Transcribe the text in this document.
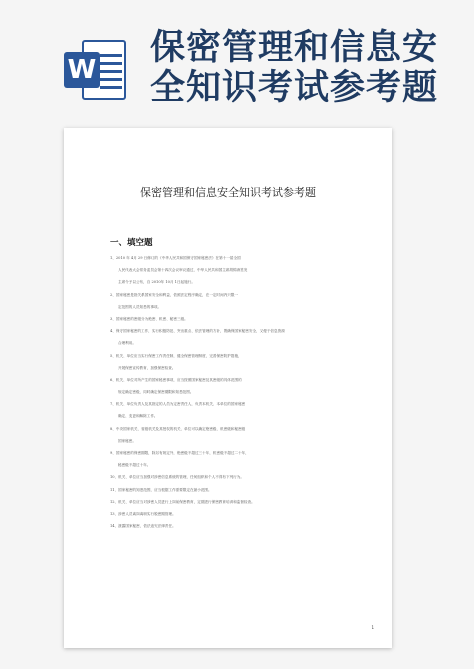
W
保密管理和信息安
全知识考试参考题
保密管理和信息安全知识考试参考题
一、填空题
1、2010 年 4月 29 日修订的《中华人民共和国保守国家秘密法》在第十一届全国
人民代表大会常务委员会第十四次会议审议通过，中华人民共和国主席胡锦涛签发
主席令予以公布，自 2010年 10月 1日起施行。
2、国家秘密是指关系国家安全和利益，依照法定程序确定，在一定时间内只限一
定范围的人员知悉的事项。
3、国家秘密的密级分为绝密、机密、秘密三级。
4、保守国家秘密的工作，实行积极防范、突出重点、依法管理的方针，既确保国家秘密安全，又便于信息资源
合理利用。
5、机关、单位应当实行保密工作责任制，健全保密管理制度，完善保密防护措施，
开展保密宣传教育，加强保密检查。
6、机关、单位对所产生的国家秘密事项，应当按照国家秘密及其密级的具体范围的
规定确定密级，同时确定保密期限和知悉范围。
7、机关、单位负责人及其指定的人员为定密责任人，负责本机关、本单位的国家秘密
确定、变更和解除工作。
8、中央国家机关、省级机关及其授权的机关、单位可以确定绝密级、机密级和秘密级
国家秘密。
9、国家秘密的保密期限，除另有规定外，绝密级不超过三十年，机密级不超过二十年，
秘密级不超过十年。
10、机关、单位应当加强对涉密信息系统的管理，任何组织和个人不得有下列行为。
11、国家秘密的知悉范围，应当根据工作需要限定在最小范围。
12、机关、单位应当对涉密人员进行上岗前保密教育，定期进行保密教育培训和监督检查。
13、涉密人员离岗离职实行脱密期管理。
14、泄露国家秘密，依法追究法律责任。
1
